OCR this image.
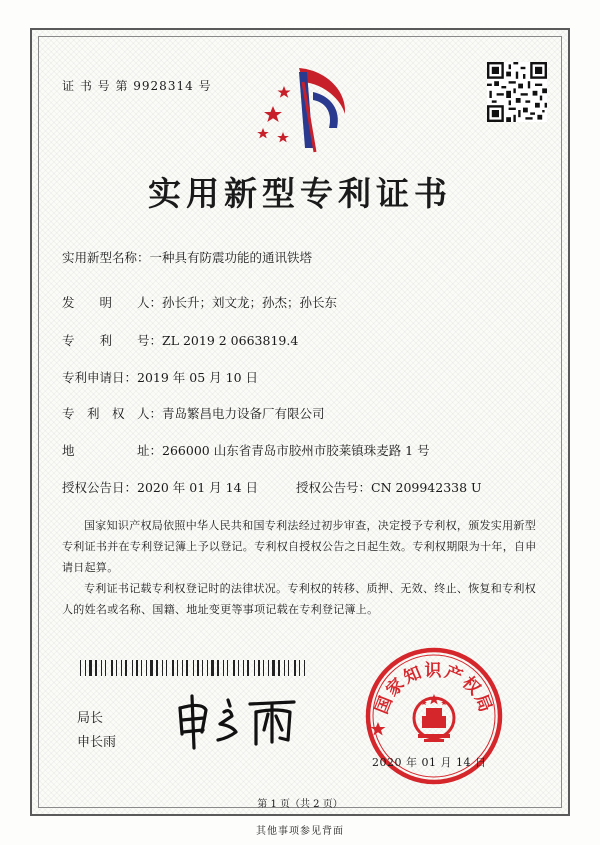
证 书 号 第 9928314 号
实用新型专利证书
实用新型名称：一种具有防震功能的通讯铁塔
发　　明　　人：孙长升；刘文龙；孙杰；孙长东
专　　利　　号：ZL 2019 2 0663819.4
专利申请日：2019 年 05 月 10 日
专　利　权　人：青岛繁昌电力设备厂有限公司
地　　　　　址：266000 山东省青岛市胶州市胶莱镇珠麦路 1 号
授权公告日：2020 年 01 月 14 日	授权公告号：CN 209942338 U
国家知识产权局依照中华人民共和国专利法经过初步审查，决定授予专利权，颁发实用新型专利证书并在专利登记簿上予以登记。专利权自授权公告之日起生效。专利权期限为十年，自申请日起算。
专利证书记载专利权登记时的法律状况。专利权的转移、质押、无效、终止、恢复和专利权人的姓名或名称、国籍、地址变更等事项记载在专利登记簿上。
局长
申长雨
国家知识产权局
2020 年 01 月 14 日
第 1 页（共 2 页）
其他事项参见背面
